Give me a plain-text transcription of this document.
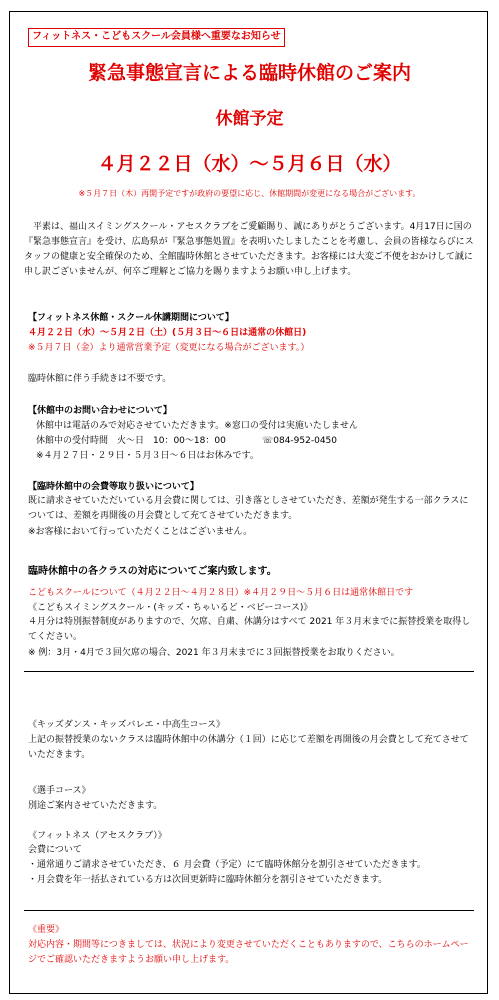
フィットネス・こどもスクール会員様へ重要なお知らせ
緊急事態宣言による臨時休館のご案内
休館予定
４月２２日（水）～５月６日（水）
※５月７日（木）再開予定ですが政府の要望に応じ、休館期間が変更になる場合がございます。
　平素は、福山スイミングスクール・アセスクラブをご愛顧賜り、誠にありがとうございます。4月17日に国の『緊急事態宣言』を受け、広島県が『緊急事態処置』を表明いたしましたことを考慮し、会員の皆様ならびにスタッフの健康と安全確保のため、全館臨時休館とさせていただきます。お客様には大変ご不便をおかけして誠に申し訳ございませんが、何卒ご理解とご協力を賜りますようお願い申し上げます。
【フィットネス休館・スクール休講期間について】
４月２２日（水）～５月２日（土）(５月３日～６日は通常の休館日)
※５月７日（金）より通常営業予定（変更になる場合がございます。）
臨時休館に伴う手続きは不要です。
【休館中のお問い合わせについて】
休館中は電話のみで対応させていただきます。※窓口の受付は実施いたしません
休館中の受付時間　火～日　10：00～18：00	☏084-952-0450
※４月２７日・２９日・５月３日～６日はお休みです。
【臨時休館中の会費等取り扱いについて】
既に請求させていただいている月会費に関しては、引き落としさせていただき、差額が発生する一部クラスについては、差額を再開後の月会費として充てさせていただきます。
※お客様において行っていただくことはございません。
臨時休館中の各クラスの対応についてご案内致します。
こどもスクールについて（４月２２日～４月２８日）※４月２９日～５月６日は通常休館日です
《こどもスイミングスクール・(キッズ・ちゃいるど・ベビーコース)》
４月分は特別振替制度がありますので、欠席、自粛、休講分はすべて 2021 年３月末までに振替授業を取得してください。
※ 例：3月・4月で３回欠席の場合、2021 年３月末までに３回振替授業をお取りください。
《キッズダンス・キッズバレエ・中高生コース》
上記の振替授業のないクラスは臨時休館中の休講分（１回）に応じて差額を再開後の月会費として充てさせていただきます。
《選手コース》
別途ご案内させていただきます。
《フィットネス（アセスクラブ）》
会費について
・通常通りご請求させていただき、６ 月会費（予定）にて臨時休館分を割引させていただきます。
・月会費を年一括払されている方は次回更新時に臨時休館分を割引させていただきます。
《重要》
対応内容・期間等につきましては、状況により変更させていただくこともありますので、こちらのホームページでご確認いただきますようお願い申し上げます。
